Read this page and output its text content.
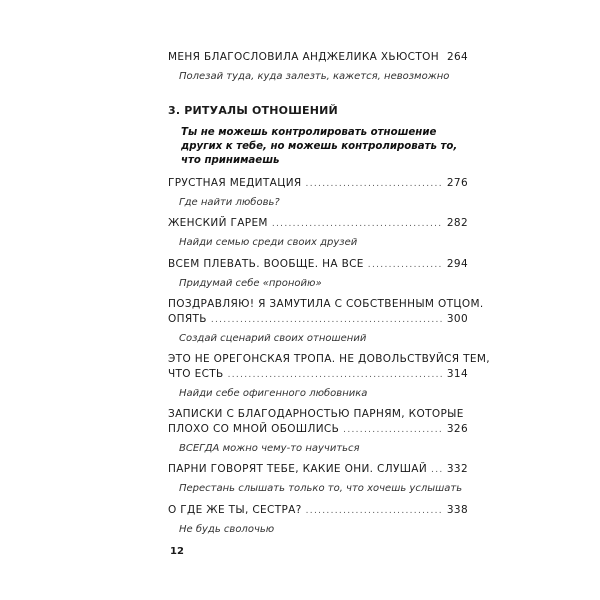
МЕНЯ БЛАГОСЛОВИЛА АНДЖЕЛИКА ХЬЮСТОН 264
Полезай туда, куда залезть, кажется, невозможно
3. РИТУАЛЫ ОТНОШЕНИЙ
Ты не можешь контролировать отношение
других к тебе, но можешь контролировать то,
что принимаешь
ГРУСТНАЯ МЕДИТАЦИЯ .....	276
Где найти любовь?
ЖЕНСКИЙ ГАРЕМ .....	282
Найди семью среди своих друзей
ВСЕМ ПЛЕВАТЬ. ВООБЩЕ. НА ВСЕ .....	294
Придумай себе «пронойю»
ПОЗДРАВЛЯЮ! Я ЗАМУТИЛА С СОБСТВЕННЫМ ОТЦОМ.
ОПЯТЬ .....	300
Создай сценарий своих отношений
ЭТО НЕ ОРЕГОНСКАЯ ТРОПА. НЕ ДОВОЛЬСТВУЙСЯ ТЕМ,
ЧТО ЕСТЬ .....	314
Найди себе офигенного любовника
ЗАПИСКИ С БЛАГОДАРНОСТЬЮ ПАРНЯМ, КОТОРЫЕ
ПЛОХО СО МНОЙ ОБОШЛИСЬ .....	326
ВСЕГДА можно чему-то научиться
ПАРНИ ГОВОРЯТ ТЕБЕ, КАКИЕ ОНИ. СЛУШАЙ ..... 332
Перестань слышать только то, что хочешь услышать
О ГДЕ ЖЕ ТЫ, СЕСТРА? .....	338
Не будь сволочью
12
